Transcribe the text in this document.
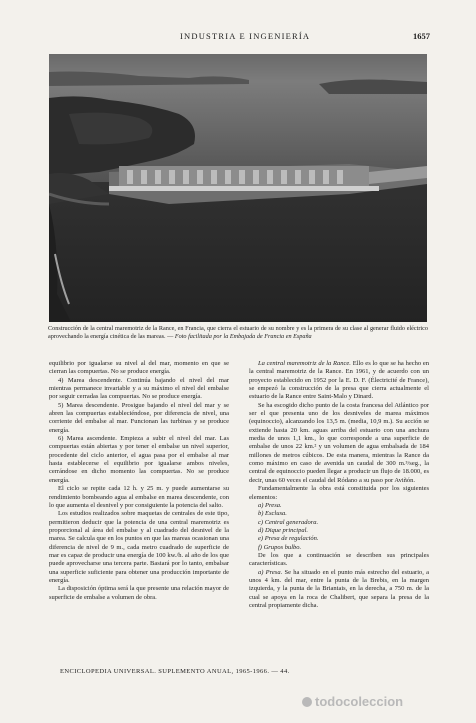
INDUSTRIA E INGENIERÍA	1657
Construcción de la central maremotriz de la Rance, en Francia, que cierra el estuario de su nombre y es la primera de su clase al generar fluido eléctrico aprovechando la energía cinética de las mareas. — Foto facilitada por la Embajada de Francia en España

equilibrio por igualarse su nivel al del mar, momento en que se cierran las compuertas. No se produce energía.

4) Marea descendente. Continúa bajando el nivel del mar mientras permanece invariable y a su máximo el nivel del embalse por seguir cerradas las compuertas. No se produce energía.

5) Marea descendente. Prosigue bajando el nivel del mar y se abren las compuertas estableciéndose, por diferencia de nivel, una corriente del embalse al mar. Funcionan las turbinas y se produce energía.

6) Marea ascendente. Empieza a subir el nivel del mar. Las compuertas están abiertas y por tener el embalse un nivel superior, procedente del ciclo anterior, el agua pasa por el embalse al mar hasta establecerse el equilibrio por igualarse ambos niveles, cerrándose en dicho momento las compuertas. No se produce energía.

El ciclo se repite cada 12 h. y 25 m. y puede aumentarse su rendimiento bombeando agua al embalse en marea descendente, con lo que aumenta el desnivel y por consiguiente la potencia del salto.

Los estudios realizados sobre maquetas de centrales de este tipo, permitieron deducir que la potencia de una central maremotriz es proporcional al área del embalse y al cuadrado del desnivel de la marea. Se calcula que en los puntos en que las mareas ocasionan una diferencia de nivel de 9 m., cada metro cuadrado de superficie de mar es capaz de producir una energía de 100 kw./h. al año de los que puede aprovecharse una tercera parte. Bastará por lo tanto, embalsar una superficie suficiente para obtener una producción importante de energía.

La disposición óptima será la que presente una relación mayor de superficie de embalse a volumen de obra.

La central maremotriz de la Rance. Ello es lo que se ha hecho en la central maremotriz de la Rance. En 1961, y de acuerdo con un proyecto establecido en 1952 por la E. D. F. (Électricité de France), se empezó la construcción de la presa que cierra actualmente el estuario de la Rance entre Saint-Malo y Dinard.

Se ha escogido dicho punto de la costa francesa del Atlántico por ser el que presenta uno de los desniveles de marea máximos (equinoccio), alcanzando los 13,5 m. (media, 10,9 m.). Su acción se extiende hasta 20 km. aguas arriba del estuario con una anchura media de unos 1,1 km., lo que corresponde a una superficie de embalse de unos 22 km.² y un volumen de agua embalsada de 184 millones de metros cúbicos. De esta manera, mientras la Rance da como máximo en caso de avenida un caudal de 300 m.³/seg., la central de equinoccio pueden llegar a producir un flujo de 18.000, es decir, unas 60 veces el caudal del Ródano a su paso por Aviñón.

Fundamentalmente la obra está constituida por los siguientes elementos:

a) Presa.

b) Esclusa.

c) Central generadora.

d) Dique principal.

e) Presa de regulación.

f) Grupos bulbo.

De los que a continuación se describen sus principales características.

a) Presa. Se ha situado en el punto más estrecho del estuario, a unos 4 km. del mar, entre la punta de la Brebis, en la margen izquierda, y la punta de la Briantais, en la derecha, a 750 m. de la cual se apoya en la roca de Chalibert, que separa la presa de la central propiamente dicha.

ENCICLOPEDIA UNIVERSAL. SUPLEMENTO ANUAL, 1965-1966. — 44.
todocoleccion
